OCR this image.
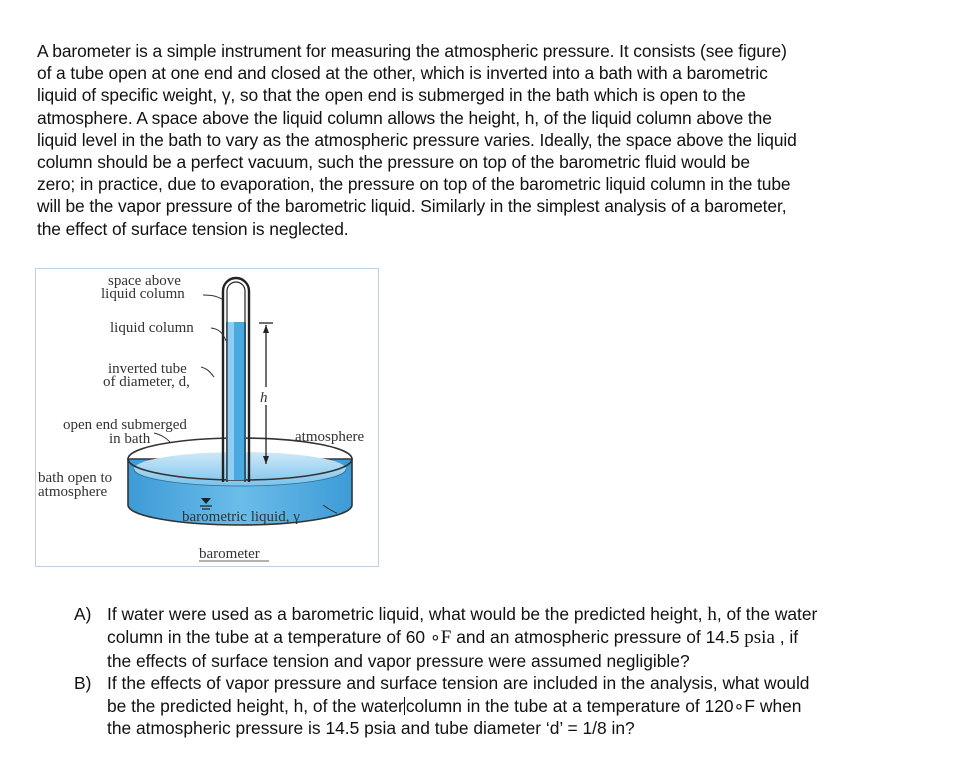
A barometer is a simple instrument for measuring the atmospheric pressure. It consists (see figure)

of a tube open at one end and closed at the other, which is inverted into a bath with a barometric

liquid of specific weight, γ, so that the open end is submerged in the bath which is open to the

atmosphere. A space above the liquid column allows the height, h, of the liquid column above the

liquid level in the bath to vary as the atmospheric pressure varies. Ideally, the space above the liquid

column should be a perfect vacuum, such the pressure on top of the barometric fluid would be

zero; in practice, due to evaporation, the pressure on top of the barometric liquid column in the tube

will be the vapor pressure of the barometric liquid. Similarly in the simplest analysis of a barometer,

the effect of surface tension is neglected.

space above
liquid column
liquid column
inverted tube
of diameter, d,
h
open end submerged
in bath	atmosphere
bath open to
atmosphere
barometric liquid, γ
barometer
A) If water were used as a barometric liquid, what would be the predicted height, h, of the water
column in the tube at a temperature of 60 ∘F and an atmospheric pressure of 14.5 psia , if
the effects of surface tension and vapor pressure were assumed negligible?
B) If the effects of vapor pressure and surface tension are included in the analysis, what would
be the predicted height, h, of the water column in the tube at a temperature of 120∘F when
the atmospheric pressure is 14.5 psia and tube diameter ‘d’ = 1/8 in?
